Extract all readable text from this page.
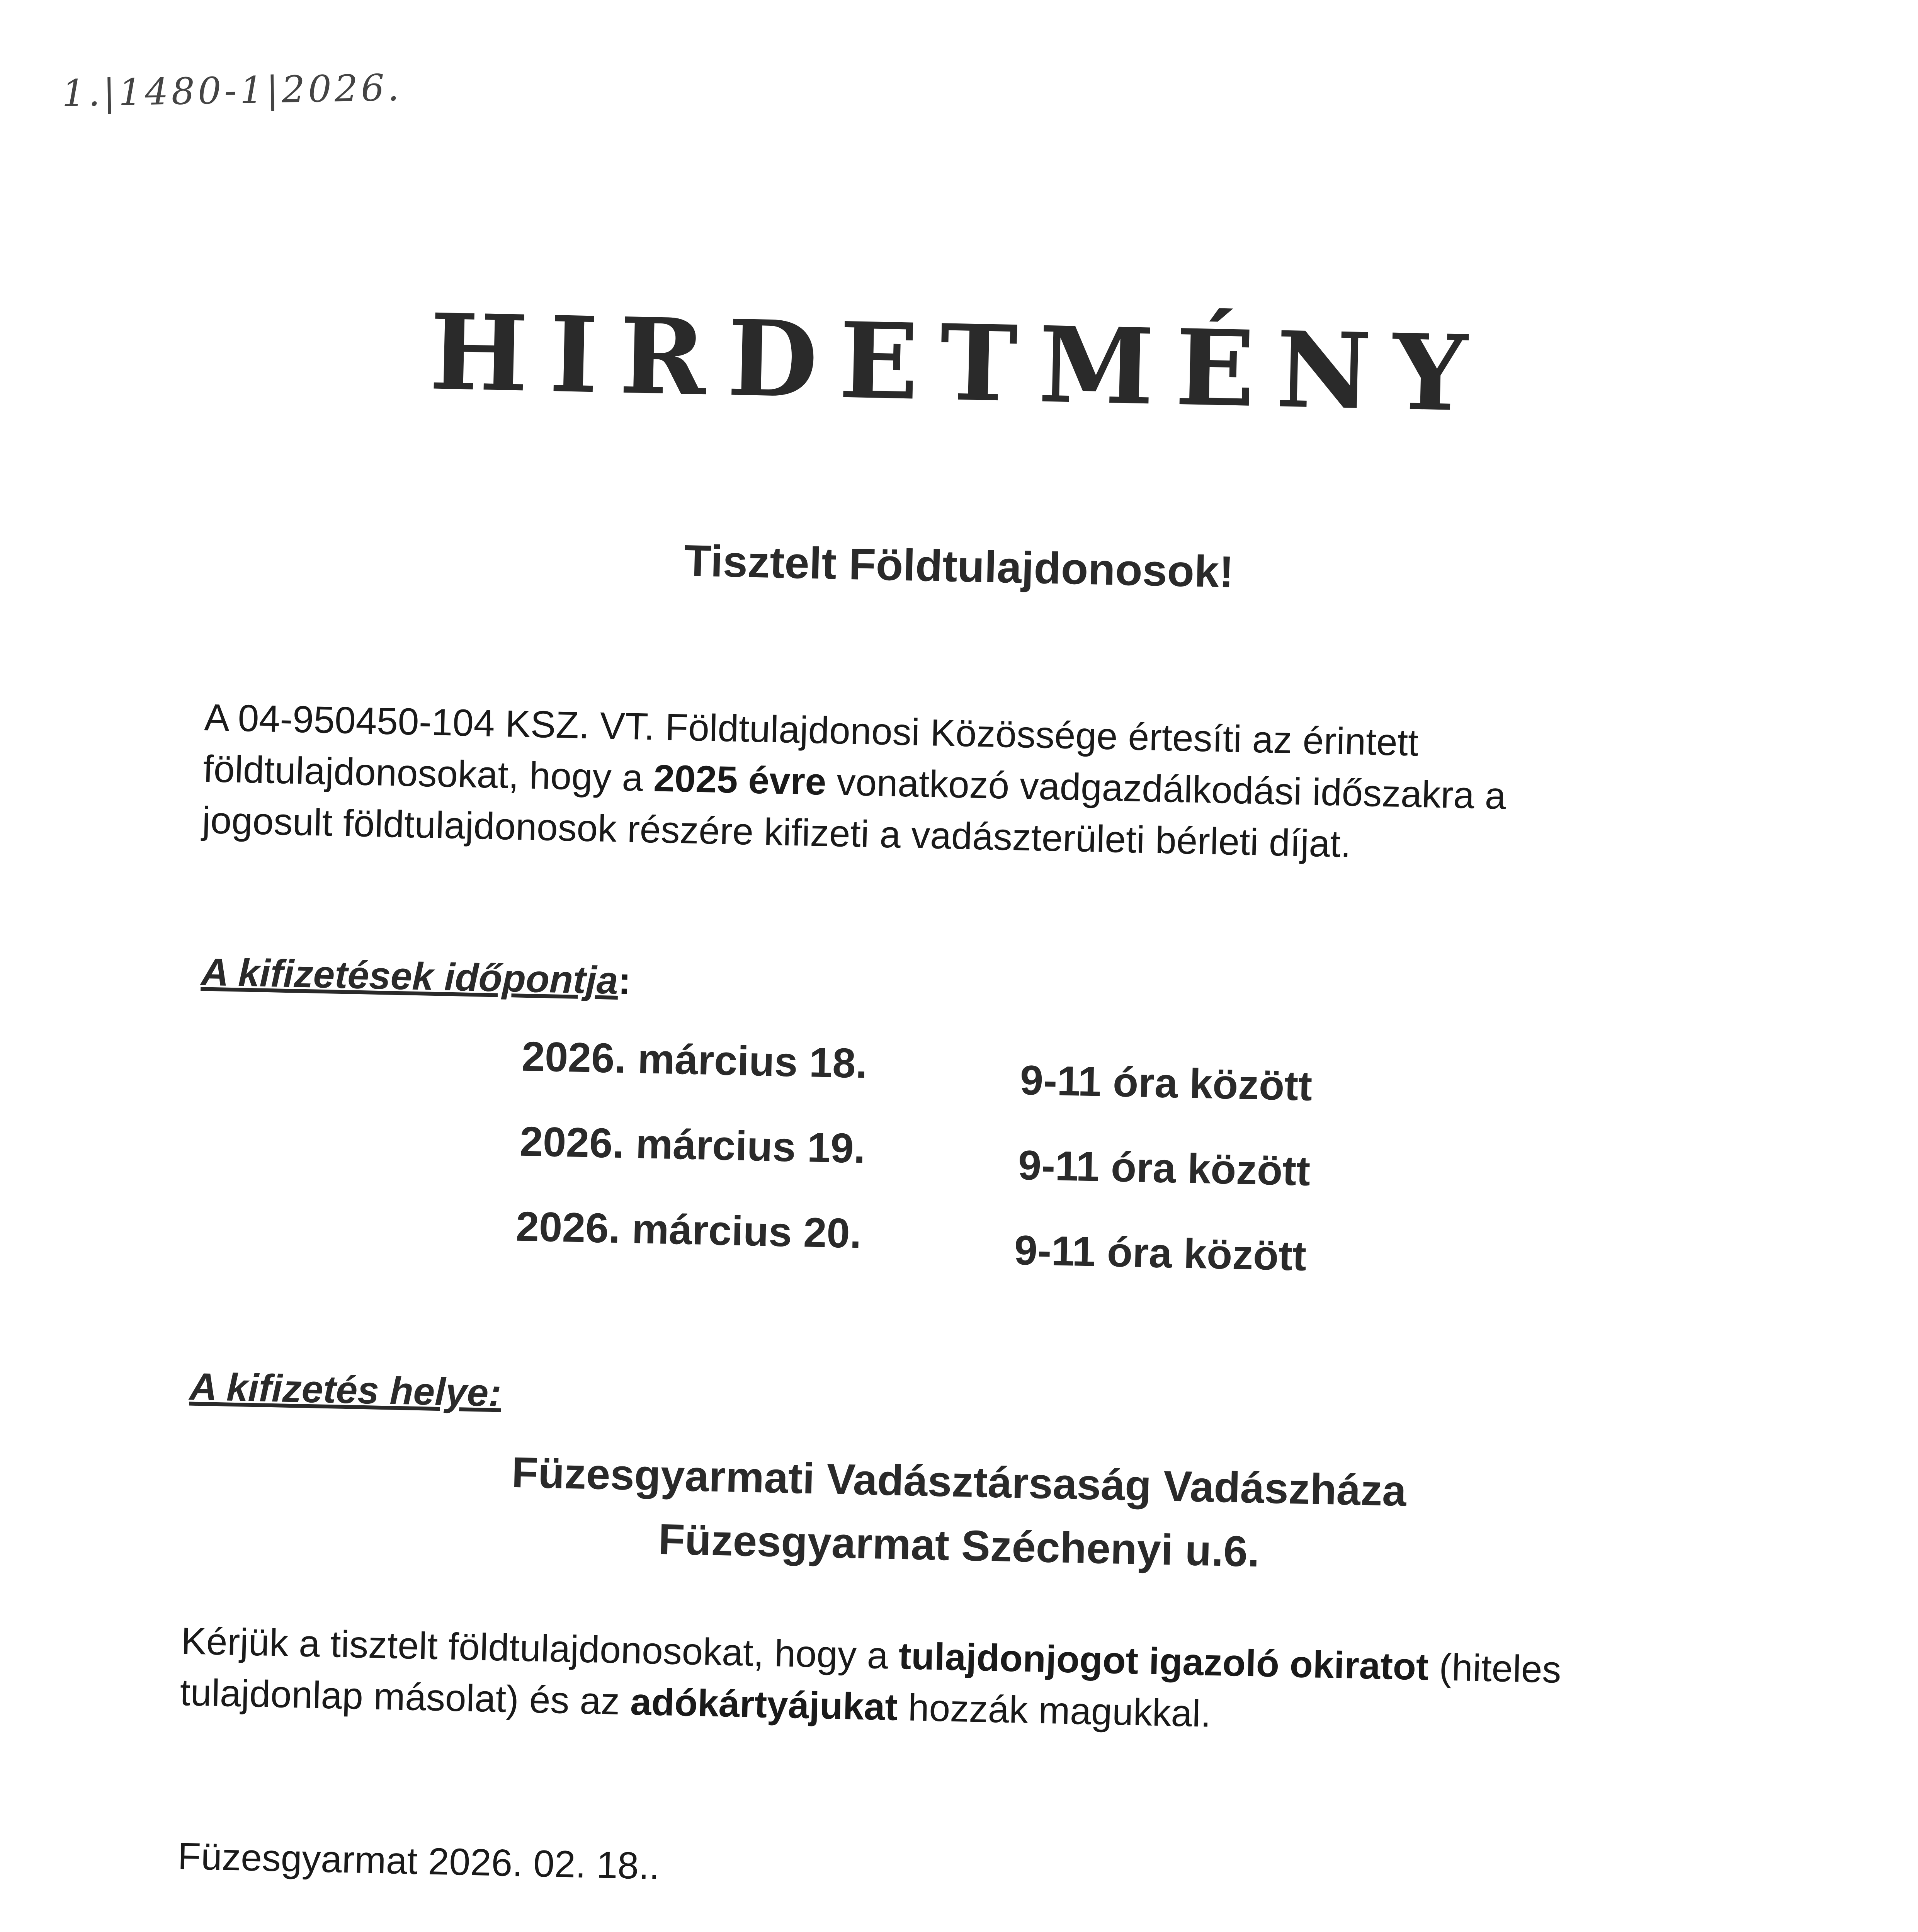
1.|1480-1|2026.
HIRDETMÉNY
Tisztelt Földtulajdonosok!
A 04-950450-104 KSZ. VT. Földtulajdonosi Közössége értesíti az érintett földtulajdonosokat, hogy a 2025 évre vonatkozó vadgazdálkodási időszakra a jogosult földtulajdonosok részére kifizeti a vadászterületi bérleti díjat.
A kifizetések időpontja:
2026. március 18.	9-11 óra között
2026. március 19.	9-11 óra között
2026. március 20.	9-11 óra között
A kifizetés helye:
Füzesgyarmati Vadásztársaság Vadászháza
Füzesgyarmat Széchenyi u.6.
Kérjük a tisztelt földtulajdonosokat, hogy a tulajdonjogot igazoló okiratot (hiteles tulajdonlap másolat) és az adókártyájukat hozzák magukkal.
Füzesgyarmat 2026. 02. 18..
